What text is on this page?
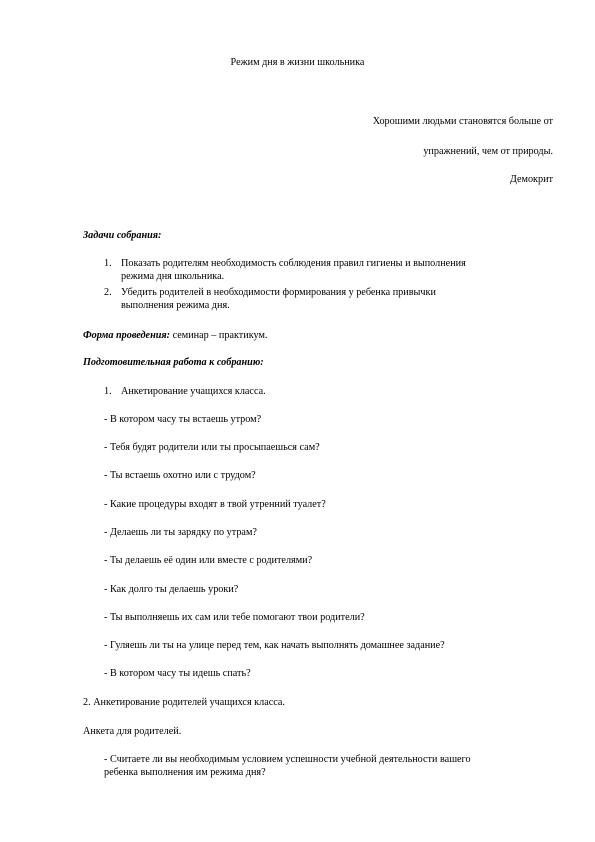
Режим дня в жизни школьника
Хорошими людьми становятся больше от
упражнений, чем от природы.
Демокрит
Задачи собрания:
1. Показать родителям необходимость соблюдения правил гигиены и выполнения
режима дня школьника.
2. Убедить родителей в необходимости формирования у ребенка привычки
выполнения режима дня.
Форма проведения: семинар – практикум.
Подготовительная работа к собранию:
1. Анкетирование учащихся класса.
- В котором часу ты встаешь утром?
- Тебя будят родители или ты просыпаешься сам?
- Ты встаешь охотно или с трудом?
- Какие процедуры входят в твой утренний туалет?
- Делаешь ли ты зарядку по утрам?
- Ты делаешь её один или вместе с родителями?
- Как долго ты делаешь уроки?
- Ты выполняешь их сам или тебе помогают твои родители?
- Гуляешь ли ты на улице перед тем, как начать выполнять домашнее задание?
- В котором часу ты идешь спать?
2. Анкетирование родителей учащихся класса.
Анкета для родителей.
- Считаете ли вы необходимым условием успешности учебной деятельности вашего
ребенка выполнения им режима дня?
